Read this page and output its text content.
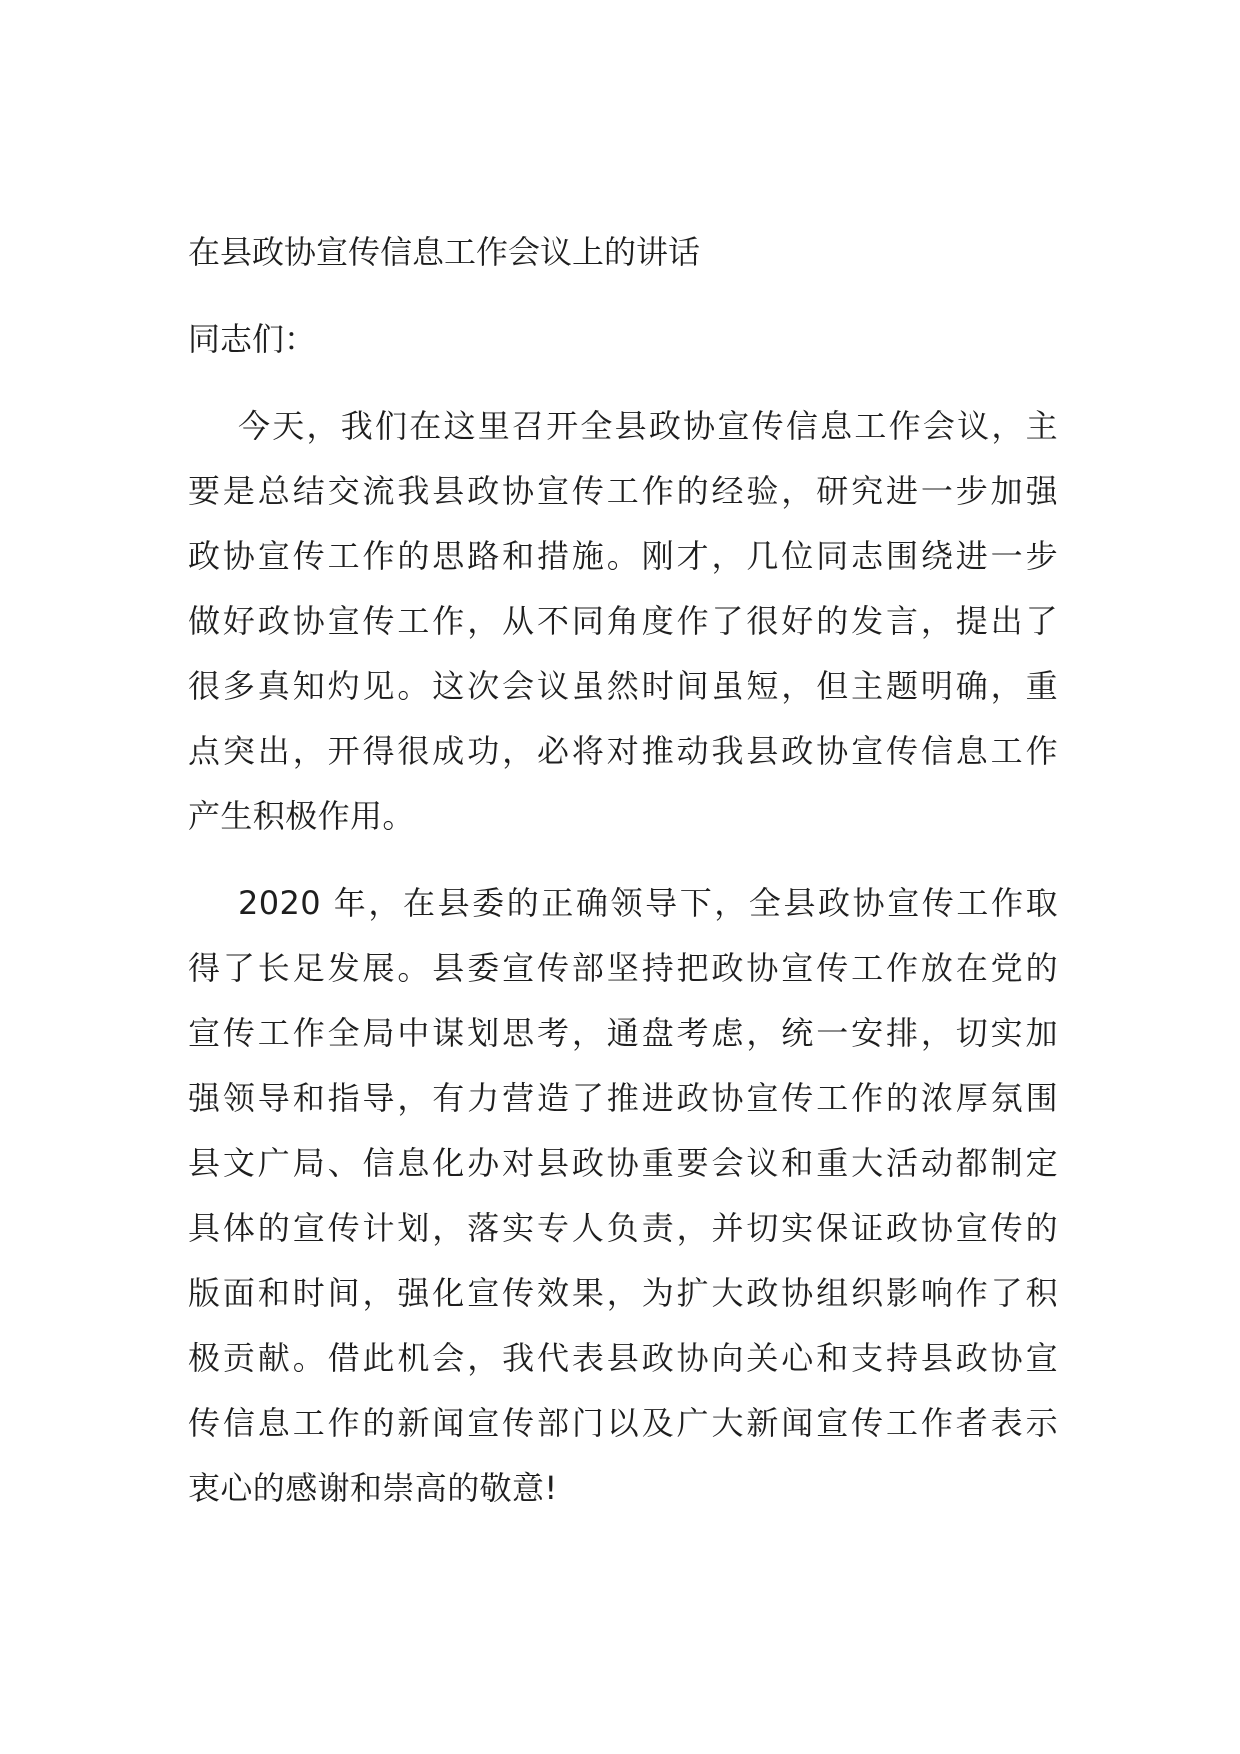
在县政协宣传信息工作会议上的讲话
同志们：
今天，我们在这里召开全县政协宣传信息工作会议，主
要是总结交流我县政协宣传工作的经验，研究进一步加强
政协宣传工作的思路和措施。刚才，几位同志围绕进一步
做好政协宣传工作，从不同角度作了很好的发言，提出了
很多真知灼见。这次会议虽然时间虽短，但主题明确，重
点突出，开得很成功，必将对推动我县政协宣传信息工作
产生积极作用。
2020 年，在县委的正确领导下，全县政协宣传工作取
得了长足发展。县委宣传部坚持把政协宣传工作放在党的
宣传工作全局中谋划思考，通盘考虑，统一安排，切实加
强领导和指导，有力营造了推进政协宣传工作的浓厚氛围
县文广局、信息化办对县政协重要会议和重大活动都制定
具体的宣传计划，落实专人负责，并切实保证政协宣传的
版面和时间，强化宣传效果，为扩大政协组织影响作了积
极贡献。借此机会，我代表县政协向关心和支持县政协宣
传信息工作的新闻宣传部门以及广大新闻宣传工作者表示
衷心的感谢和崇高的敬意!
